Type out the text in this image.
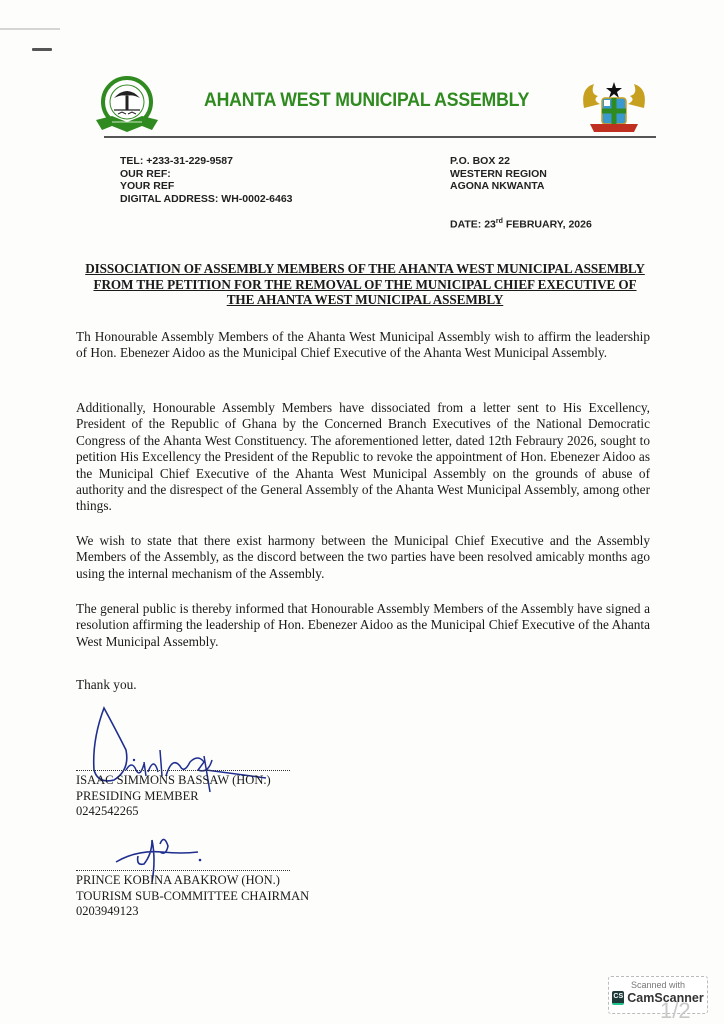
AHANTA WEST MUNICIPAL ASSEMBLY
TEL: +233-31-229-9587
OUR REF:
YOUR REF
DIGITAL ADDRESS: WH-0002-6463
P.O. BOX 22
WESTERN REGION
AGONA NKWANTA
DATE: 23rd FEBRUARY, 2026
DISSOCIATION OF ASSEMBLY MEMBERS OF THE AHANTA WEST MUNICIPAL ASSEMBLY FROM THE PETITION FOR THE REMOVAL OF THE MUNICIPAL CHIEF EXECUTIVE OF THE AHANTA WEST MUNICIPAL ASSEMBLY
Th Honourable Assembly Members of the Ahanta West Municipal Assembly wish to affirm the leadership of Hon. Ebenezer Aidoo as the Municipal Chief Executive of the Ahanta West Municipal Assembly.
Additionally, Honourable Assembly Members have dissociated from a letter sent to His Excellency, President of the Republic of Ghana by the Concerned Branch Executives of the National Democratic Congress of the Ahanta West Constituency. The aforementioned letter, dated 12th Febraury 2026, sought to petition His Excellency the President of the Republic to revoke the appointment of Hon. Ebenezer Aidoo as the Municipal Chief Executive of the Ahanta West Municipal Assembly on the grounds of abuse of authority and the disrespect of the General Assembly of the Ahanta West Municipal Assembly, among other things.
We wish to state that there exist harmony between the Municipal Chief Executive and the Assembly Members of the Assembly, as the discord between the two parties have been resolved amicably months ago using the internal mechanism of the Assembly.
The general public is thereby informed that Honourable Assembly Members of the Assembly have signed a resolution affirming the leadership of Hon. Ebenezer Aidoo as the Municipal Chief Executive of the Ahanta West Municipal Assembly.
Thank you.
ISAAC SIMMONS BASSAW (HON.)
PRESIDING MEMBER
0242542265
PRINCE KOBINA ABAKROW (HON.)
TOURISM SUB-COMMITTEE CHAIRMAN
0203949123
Scanned with
CS CamScanner
1/2
